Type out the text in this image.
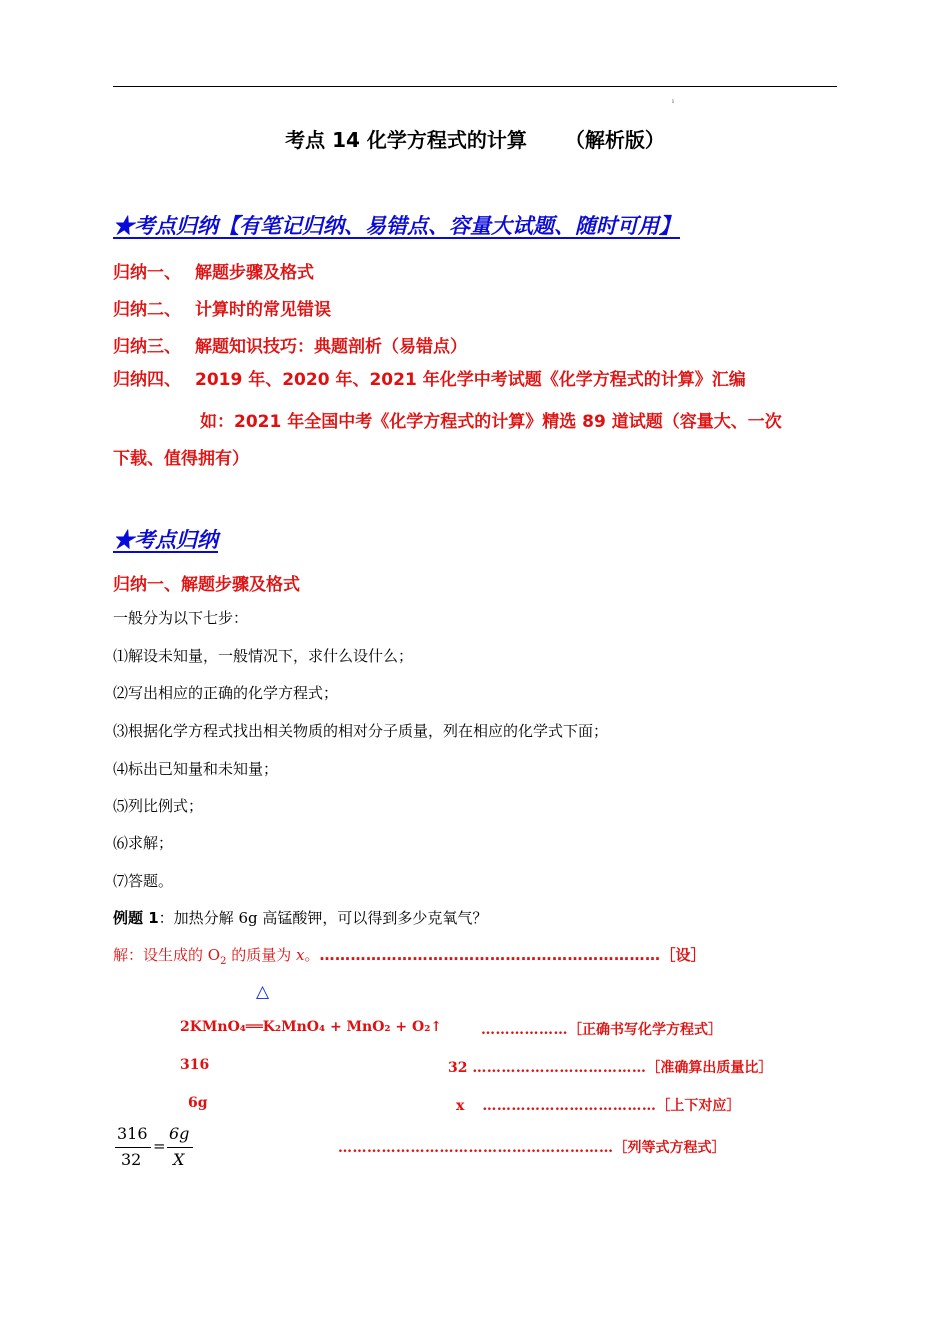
ı
考点 14 化学方程式的计算 （解析版）
★考点归纳【有笔记归纳、易错点、容量大试题、随时可用】
归纳一、 解题步骤及格式
归纳二、 计算时的常见错误
归纳三、 解题知识技巧：典题剖析（易错点）
归纳四、 2019 年、2020 年、2021 年化学中考试题《化学方程式的计算》汇编
如：2021 年全国中考《化学方程式的计算》精选 89 道试题（容量大、一次
下载、值得拥有）
★考点归纳
归纳一、解题步骤及格式
一般分为以下七步：
⑴解设未知量，一般情况下，求什么设什么；
⑵写出相应的正确的化学方程式；
⑶根据化学方程式找出相关物质的相对分子质量，列在相应的化学式下面；
⑷标出已知量和未知量；
⑸列比例式；
⑹求解；
⑺答题。
例题 1：加热分解 6g 高锰酸钾，可以得到多少克氧气？
解：设生成的 $O_2$ 的质量为 x。…………………………………………………………［设］
△
2KMnO₄══K₂MnO₄ + MnO₂ + O₂↑	………………［正确书写化学方程式］
316	32 ………………………………［准确算出质量比］
6g	x ………………………………［上下对应］
316
32
=
6g
X
…………………………………………………［列等式方程式］
